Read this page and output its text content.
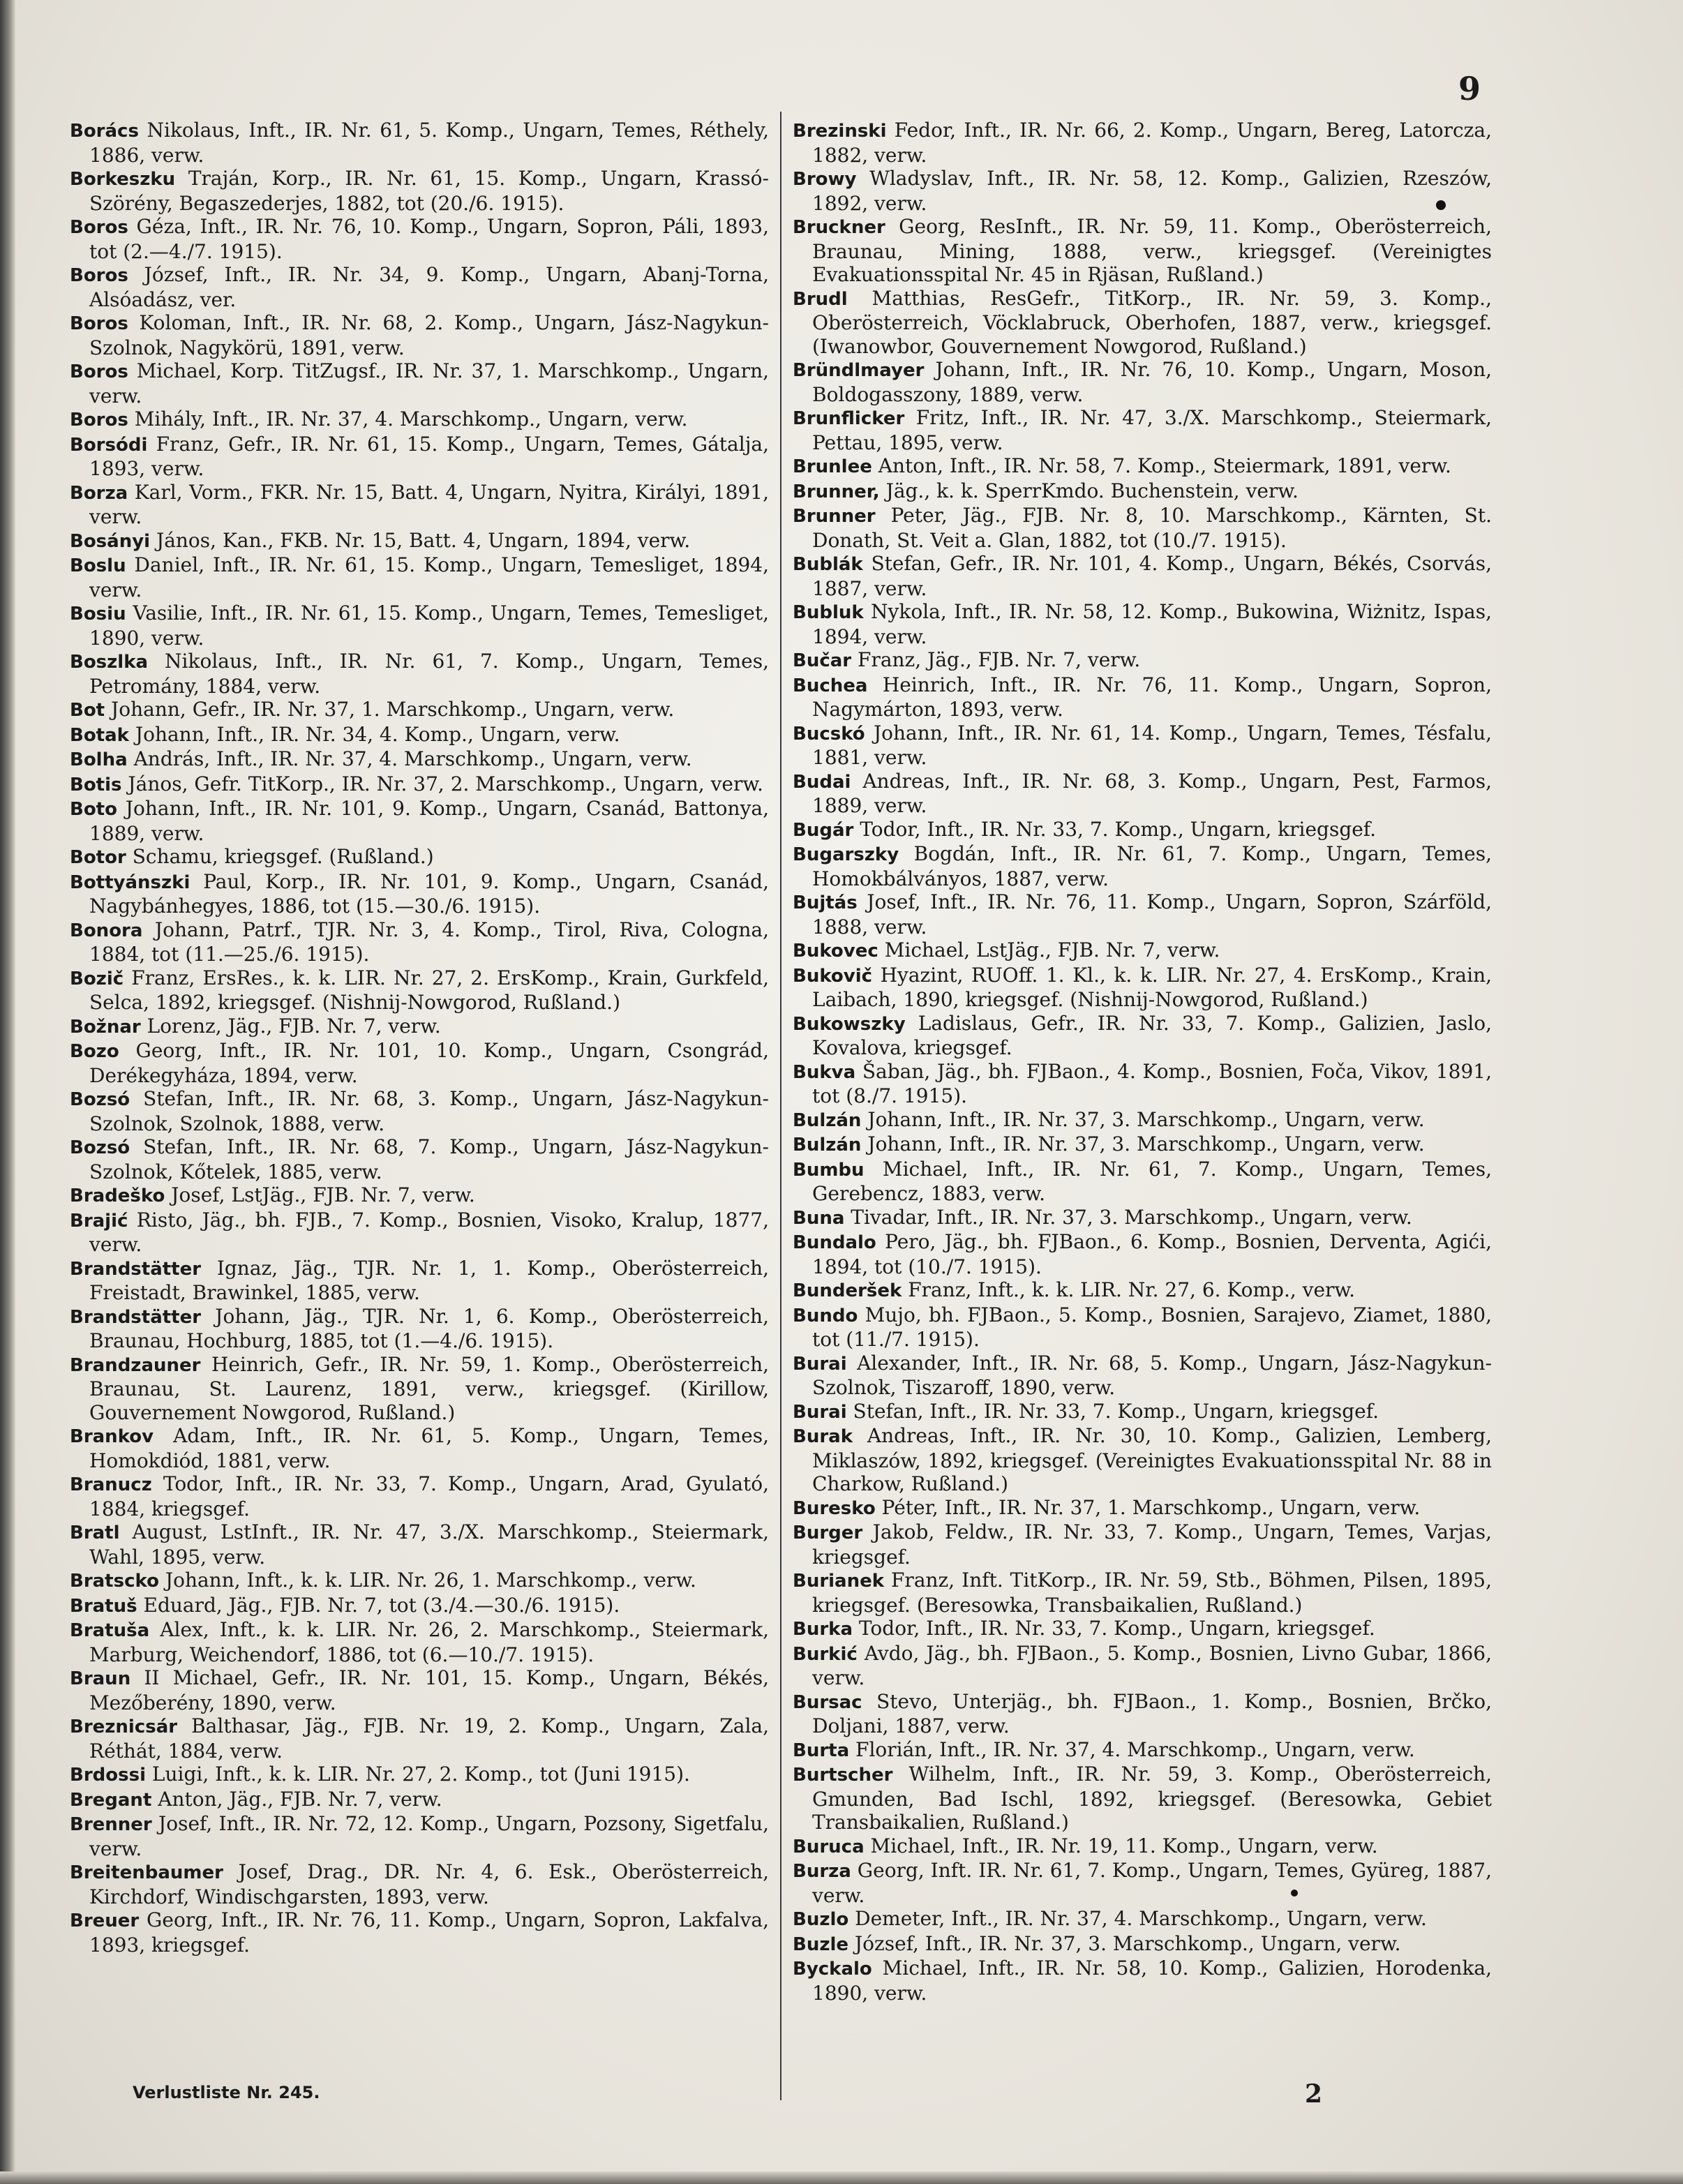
9

Borács Nikolaus, Inft., IR. Nr. 61, 5. Komp., Ungarn, Temes, Réthely, 1886, verw.

Borkeszku Traján, Korp., IR. Nr. 61, 15. Komp., Ungarn, Krassó-Szörény, Begaszederjes, 1882, tot (20./6. 1915).

Boros Géza, Inft., IR. Nr. 76, 10. Komp., Ungarn, Sopron, Páli, 1893, tot (2.—4./7. 1915).

Boros József, Inft., IR. Nr. 34, 9. Komp., Ungarn, Abanj-Torna, Alsóadász, ver.

Boros Koloman, Inft., IR. Nr. 68, 2. Komp., Ungarn, Jász-Nagykun-Szolnok, Nagykörü, 1891, verw.

Boros Michael, Korp. TitZugsf., IR. Nr. 37, 1. Marschkomp., Ungarn, verw.

Boros Mihály, Inft., IR. Nr. 37, 4. Marschkomp., Ungarn, verw.

Borsódi Franz, Gefr., IR. Nr. 61, 15. Komp., Ungarn, Temes, Gátalja, 1893, verw.

Borza Karl, Vorm., FKR. Nr. 15, Batt. 4, Ungarn, Nyitra, Királyi, 1891, verw.

Bosányi János, Kan., FKB. Nr. 15, Batt. 4, Ungarn, 1894, verw.

Boslu Daniel, Inft., IR. Nr. 61, 15. Komp., Ungarn, Temesliget, 1894, verw.

Bosiu Vasilie, Inft., IR. Nr. 61, 15. Komp., Ungarn, Temes, Temesliget, 1890, verw.

Boszlka Nikolaus, Inft., IR. Nr. 61, 7. Komp., Ungarn, Temes, Petromány, 1884, verw.

Bot Johann, Gefr., IR. Nr. 37, 1. Marschkomp., Ungarn, verw.

Botak Johann, Inft., IR. Nr. 34, 4. Komp., Ungarn, verw.

Bolha András, Inft., IR. Nr. 37, 4. Marschkomp., Ungarn, verw.

Botis János, Gefr. TitKorp., IR. Nr. 37, 2. Marschkomp., Ungarn, verw.

Boto Johann, Inft., IR. Nr. 101, 9. Komp., Ungarn, Csanád, Battonya, 1889, verw.

Botor Schamu, kriegsgef. (Rußland.)

Bottyánszki Paul, Korp., IR. Nr. 101, 9. Komp., Ungarn, Csanád, Nagybánhegyes, 1886, tot (15.—30./6. 1915).

Bonora Johann, Patrf., TJR. Nr. 3, 4. Komp., Tirol, Riva, Cologna, 1884, tot (11.—25./6. 1915).

Bozič Franz, ErsRes., k. k. LIR. Nr. 27, 2. ErsKomp., Krain, Gurkfeld, Selca, 1892, kriegsgef. (Nishnij-Nowgorod, Rußland.)

Božnar Lorenz, Jäg., FJB. Nr. 7, verw.

Bozo Georg, Inft., IR. Nr. 101, 10. Komp., Ungarn, Csongrád, Derékegyháza, 1894, verw.

Bozsó Stefan, Inft., IR. Nr. 68, 3. Komp., Ungarn, Jász-Nagykun-Szolnok, Szolnok, 1888, verw.

Bozsó Stefan, Inft., IR. Nr. 68, 7. Komp., Ungarn, Jász-Nagykun-Szolnok, Kőtelek, 1885, verw.

Bradeško Josef, LstJäg., FJB. Nr. 7, verw.

Brajić Risto, Jäg., bh. FJB., 7. Komp., Bosnien, Visoko, Kralup, 1877, verw.

Brandstätter Ignaz, Jäg., TJR. Nr. 1, 1. Komp., Oberösterreich, Freistadt, Brawinkel, 1885, verw.

Brandstätter Johann, Jäg., TJR. Nr. 1, 6. Komp., Oberösterreich, Braunau, Hochburg, 1885, tot (1.—4./6. 1915).

Brandzauner Heinrich, Gefr., IR. Nr. 59, 1. Komp., Oberösterreich, Braunau, St. Laurenz, 1891, verw., kriegsgef. (Kirillow, Gouvernement Nowgorod, Rußland.)

Brankov Adam, Inft., IR. Nr. 61, 5. Komp., Ungarn, Temes, Homokdiód, 1881, verw.

Branucz Todor, Inft., IR. Nr. 33, 7. Komp., Ungarn, Arad, Gyulató, 1884, kriegsgef.

Bratl August, LstInft., IR. Nr. 47, 3./X. Marschkomp., Steiermark, Wahl, 1895, verw.

Bratscko Johann, Inft., k. k. LIR. Nr. 26, 1. Marschkomp., verw.

Bratuš Eduard, Jäg., FJB. Nr. 7, tot (3./4.—30./6. 1915).

Bratuša Alex, Inft., k. k. LIR. Nr. 26, 2. Marschkomp., Steiermark, Marburg, Weichendorf, 1886, tot (6.—10./7. 1915).

Braun II Michael, Gefr., IR. Nr. 101, 15. Komp., Ungarn, Békés, Mezőberény, 1890, verw.

Breznicsár Balthasar, Jäg., FJB. Nr. 19, 2. Komp., Ungarn, Zala, Réthát, 1884, verw.

Brdossi Luigi, Inft., k. k. LIR. Nr. 27, 2. Komp., tot (Juni 1915).

Bregant Anton, Jäg., FJB. Nr. 7, verw.

Brenner Josef, Inft., IR. Nr. 72, 12. Komp., Ungarn, Pozsony, Sigetfalu, verw.

Breitenbaumer Josef, Drag., DR. Nr. 4, 6. Esk., Oberösterreich, Kirchdorf, Windischgarsten, 1893, verw.

Breuer Georg, Inft., IR. Nr. 76, 11. Komp., Ungarn, Sopron, Lakfalva, 1893, kriegsgef.

Brezinski Fedor, Inft., IR. Nr. 66, 2. Komp., Ungarn, Bereg, Latorcza, 1882, verw.

Browy Wladyslav, Inft., IR. Nr. 58, 12. Komp., Galizien, Rzeszów, 1892, verw.

Bruckner Georg, ResInft., IR. Nr. 59, 11. Komp., Oberösterreich, Braunau, Mining, 1888, verw., kriegsgef. (Vereinigtes Evakuationsspital Nr. 45 in Rjäsan, Rußland.)

Brudl Matthias, ResGefr., TitKorp., IR. Nr. 59, 3. Komp., Oberösterreich, Vöcklabruck, Oberhofen, 1887, verw., kriegsgef. (Iwanowbor, Gouvernement Nowgorod, Rußland.)

Bründlmayer Johann, Inft., IR. Nr. 76, 10. Komp., Ungarn, Moson, Boldogasszony, 1889, verw.

Brunflicker Fritz, Inft., IR. Nr. 47, 3./X. Marschkomp., Steiermark, Pettau, 1895, verw.

Brunlee Anton, Inft., IR. Nr. 58, 7. Komp., Steiermark, 1891, verw.

Brunner, Jäg., k. k. SperrKmdo. Buchenstein, verw.

Brunner Peter, Jäg., FJB. Nr. 8, 10. Marschkomp., Kärnten, St. Donath, St. Veit a. Glan, 1882, tot (10./7. 1915).

Bublák Stefan, Gefr., IR. Nr. 101, 4. Komp., Ungarn, Békés, Csorvás, 1887, verw.

Bubluk Nykola, Inft., IR. Nr. 58, 12. Komp., Bukowina, Wiżnitz, Ispas, 1894, verw.

Bučar Franz, Jäg., FJB. Nr. 7, verw.

Buchea Heinrich, Inft., IR. Nr. 76, 11. Komp., Ungarn, Sopron, Nagymárton, 1893, verw.

Bucskó Johann, Inft., IR. Nr. 61, 14. Komp., Ungarn, Temes, Tésfalu, 1881, verw.

Budai Andreas, Inft., IR. Nr. 68, 3. Komp., Ungarn, Pest, Farmos, 1889, verw.

Bugár Todor, Inft., IR. Nr. 33, 7. Komp., Ungarn, kriegsgef.

Bugarszky Bogdán, Inft., IR. Nr. 61, 7. Komp., Ungarn, Temes, Homokbálványos, 1887, verw.

Bujtás Josef, Inft., IR. Nr. 76, 11. Komp., Ungarn, Sopron, Szárföld, 1888, verw.

Bukovec Michael, LstJäg., FJB. Nr. 7, verw.

Bukovič Hyazint, RUOff. 1. Kl., k. k. LIR. Nr. 27, 4. ErsKomp., Krain, Laibach, 1890, kriegsgef. (Nishnij-Nowgorod, Rußland.)

Bukowszky Ladislaus, Gefr., IR. Nr. 33, 7. Komp., Galizien, Jaslo, Kovalova, kriegsgef.

Bukva Šaban, Jäg., bh. FJBaon., 4. Komp., Bosnien, Foča, Vikov, 1891, tot (8./7. 1915).

Bulzán Johann, Inft., IR. Nr. 37, 3. Marschkomp., Ungarn, verw.

Bulzán Johann, Inft., IR. Nr. 37, 3. Marschkomp., Ungarn, verw.

Bumbu Michael, Inft., IR. Nr. 61, 7. Komp., Ungarn, Temes, Gerebencz, 1883, verw.

Buna Tivadar, Inft., IR. Nr. 37, 3. Marschkomp., Ungarn, verw.

Bundalo Pero, Jäg., bh. FJBaon., 6. Komp., Bosnien, Derventa, Agići, 1894, tot (10./7. 1915).

Bunderšek Franz, Inft., k. k. LIR. Nr. 27, 6. Komp., verw.

Bundo Mujo, bh. FJBaon., 5. Komp., Bosnien, Sarajevo, Ziamet, 1880, tot (11./7. 1915).

Burai Alexander, Inft., IR. Nr. 68, 5. Komp., Ungarn, Jász-Nagykun-Szolnok, Tiszaroff, 1890, verw.

Burai Stefan, Inft., IR. Nr. 33, 7. Komp., Ungarn, kriegsgef.

Burak Andreas, Inft., IR. Nr. 30, 10. Komp., Galizien, Lemberg, Miklaszów, 1892, kriegsgef. (Vereinigtes Evakuationsspital Nr. 88 in Charkow, Rußland.)

Buresko Péter, Inft., IR. Nr. 37, 1. Marschkomp., Ungarn, verw.

Burger Jakob, Feldw., IR. Nr. 33, 7. Komp., Ungarn, Temes, Varjas, kriegsgef.

Burianek Franz, Inft. TitKorp., IR. Nr. 59, Stb., Böhmen, Pilsen, 1895, kriegsgef. (Beresowka, Transbaikalien, Rußland.)

Burka Todor, Inft., IR. Nr. 33, 7. Komp., Ungarn, kriegsgef.

Burkić Avdo, Jäg., bh. FJBaon., 5. Komp., Bosnien, Livno Gubar, 1866, verw.

Bursac Stevo, Unterjäg., bh. FJBaon., 1. Komp., Bosnien, Brčko, Doljani, 1887, verw.

Burta Florián, Inft., IR. Nr. 37, 4. Marschkomp., Ungarn, verw.

Burtscher Wilhelm, Inft., IR. Nr. 59, 3. Komp., Oberösterreich, Gmunden, Bad Ischl, 1892, kriegsgef. (Beresowka, Gebiet Transbaikalien, Rußland.)

Buruca Michael, Inft., IR. Nr. 19, 11. Komp., Ungarn, verw.

Burza Georg, Inft. IR. Nr. 61, 7. Komp., Ungarn, Temes, Gyüreg, 1887, verw.

Buzlo Demeter, Inft., IR. Nr. 37, 4. Marschkomp., Ungarn, verw.

Buzle József, Inft., IR. Nr. 37, 3. Marschkomp., Ungarn, verw.

Byckalo Michael, Inft., IR. Nr. 58, 10. Komp., Galizien, Horodenka, 1890, verw.

Verlustliste Nr. 245.	2
